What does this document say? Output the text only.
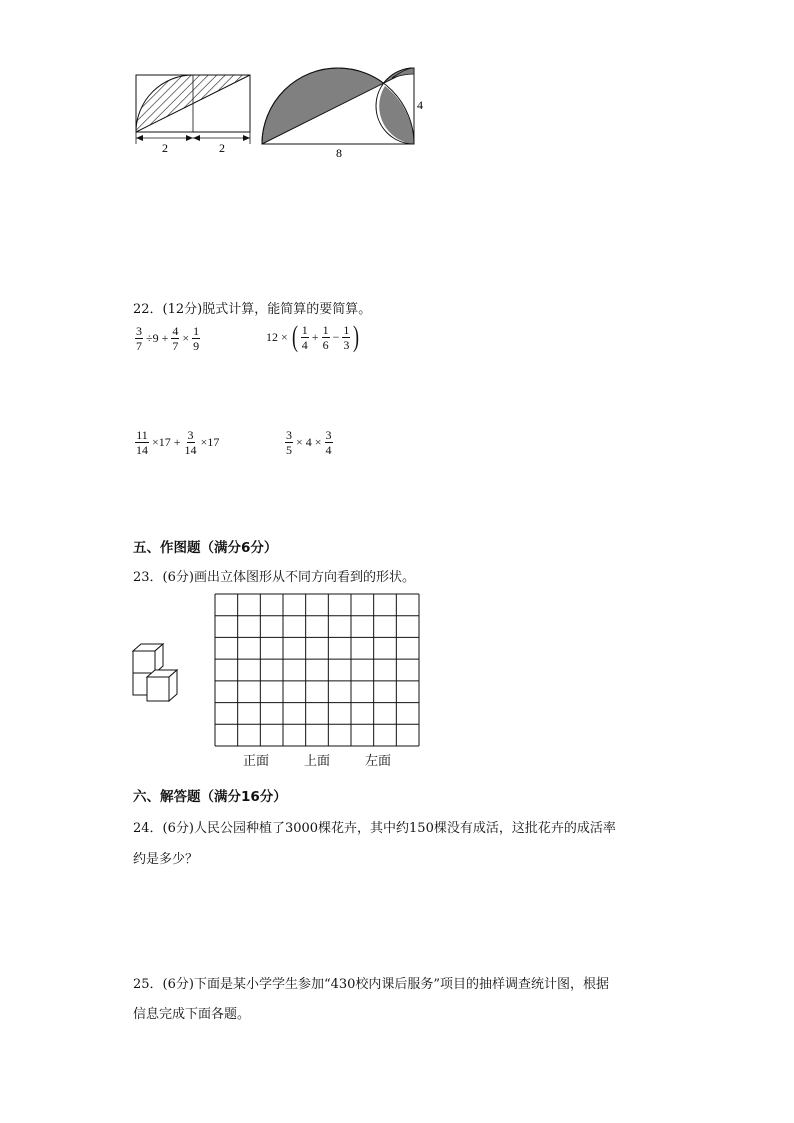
2	2	8
4
22．(12分)脱式计算，能简算的要简算。
$\frac{3}{7} \div 9 + \frac{4}{7} \times \frac{1}{9}$	12 × ( $\frac{1}{4} + \frac{1}{6} - \frac{1}{3}$ )
$\frac{11}{14} \times 17 + \frac{3}{14} \times 17$	$\frac{3}{5} \times 4 \times \frac{3}{4}$
五、作图题（满分6分）
23．(6分)画出立体图形从不同方向看到的形状。
正面	上面	左面
六、解答题（满分16分）
24．(6分)人民公园种植了3000棵花卉，其中约150棵没有成活，这批花卉的成活率
约是多少？
25．(6分)下面是某小学学生参加“430校内课后服务”项目的抽样调查统计图，根据
信息完成下面各题。
